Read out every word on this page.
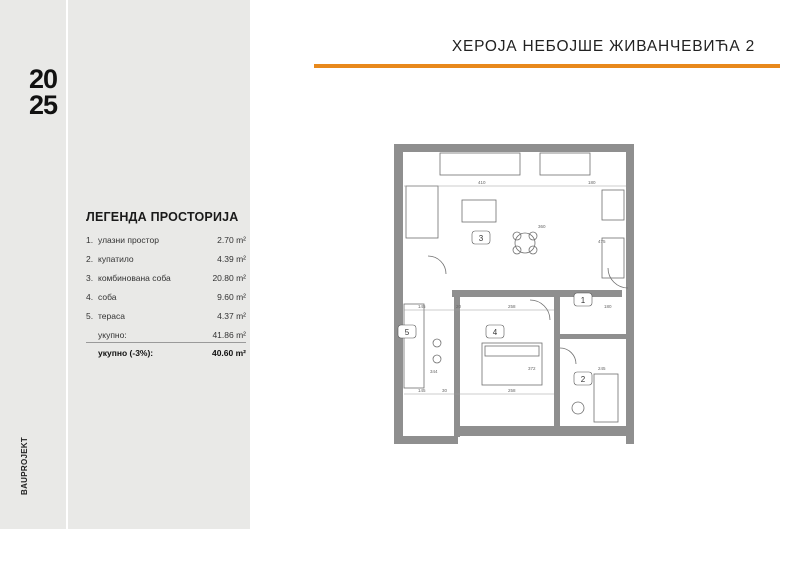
20
25
BAUPROJEKT
ЛЕГЕНДА ПРОСТОРИЈА
1. улазни простор	2.70 m²
2. купатило	4.39 m²
3. комбинована соба	20.80 m²
4. соба	9.60 m²
5. тераса	4.37 m²
укупно:	41.86 m²
укупно (-3%):	40.60 m²
ХЕРОЈА НЕБОЈШЕ ЖИВАНЧЕВИЋА 2
410	180
360
475
145	258	180
344
372	245
145	258
30
20
1
2
3
4
5
